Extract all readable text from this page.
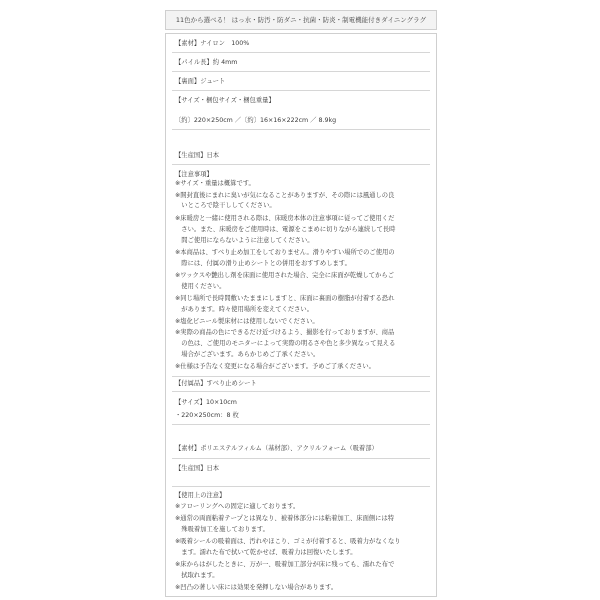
11色から選べる！ はっ水・防汚・防ダニ・抗菌・防炎・制電機能付きダイニングラグ
【素材】ナイロン　100%
【パイル長】約 4mm
【裏面】ジュート
【サイズ・梱包サイズ・梱包重量】
〔約〕220×250cm ／〔約〕16×16×222cm ／ 8.9kg
【生産国】日本
【注意事項】
※サイズ・重量は概算です。
※開封直後にまれに臭いが気になることがありますが、その際には風通しの良
　いところで陰干ししてください。
※床暖房と一緒に使用される際は、床暖房本体の注意事項に従ってご使用くだ
　さい。また、床暖房をご使用時は、電源をこまめに切りながら連続して長時
　間ご使用にならないように注意してください。
※本商品は、すべり止め加工をしておりません。滑りやすい場所でのご使用の
　際には、付属の滑り止めシートとの併用をおすすめします。
※ワックスや艶出し剤を床面に使用された場合、完全に床面が乾燥してからご
　使用ください。
※同じ場所で長時間敷いたままにしますと、床面に裏面の樹脂が付着する恐れ
　があります。時々使用場所を変えてください。
※塩化ビニール製床材には使用しないでください。
※実際の商品の色にできるだけ近づけるよう、撮影を行っておりますが、商品
　の色は、ご使用のモニターによって実際の明るさや色と多少異なって見える
　場合がございます。あらかじめご了承ください。
※仕様は予告なく変更になる場合がございます。予めご了承ください。
【付属品】すべり止めシート
【サイズ】10×10cm
・220×250cm：8 枚
【素材】ポリエステルフィルム（基材部）、アクリルフォーム（吸着部）
【生産国】日本
【使用上の注意】
※フローリングへの固定に適しております。
※通常の両面粘着テープとは異なり、被着体部分には粘着加工、床面側には特
　殊吸着加工を施しております。
※吸着シールの吸着面は、汚れやほこり、ゴミが付着すると、吸着力がなくなり
　ます。濡れた布で拭いて乾かせば、吸着力は回復いたします。
※床からはがしたときに、万が一、吸着加工部分が床に残っても、濡れた布で
　拭取れます。
※凹凸の著しい床には効果を発揮しない場合があります。
